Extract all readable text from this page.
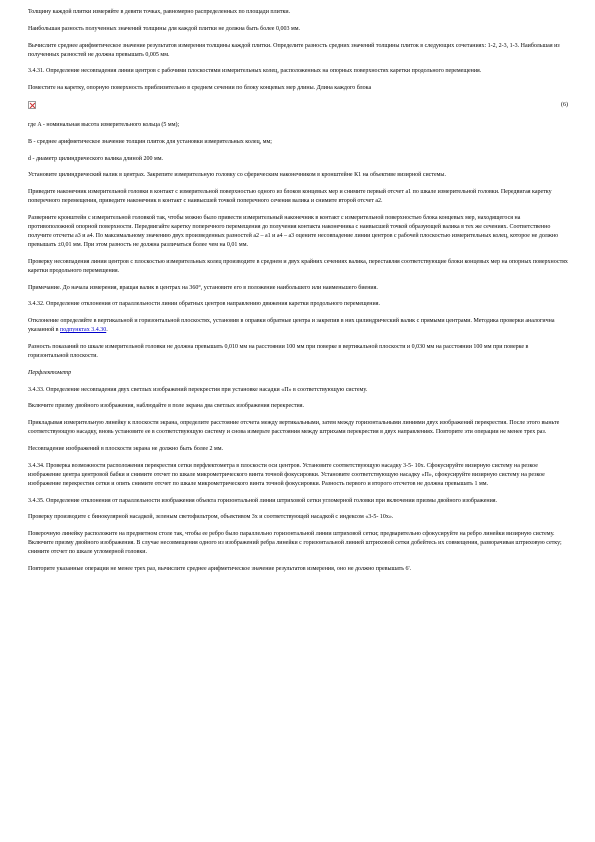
Толщину каждой плитки измеряйте в девяти точках, равномерно распределенных по площади плитки.

Наибольшая разность полученных значений толщины для каждой плитки не должна быть более 0,003 мм.

Вычислите среднее арифметическое значение результатов измерения толщины каждой плитки. Определите разность средних значений толщины плиток в следующих сочетаниях: 1-2, 2-3, 1-3. Наибольшая из полученных разностей не должна превышать 0,005 мм.

3.4.31. Определение несовпадения линии центров с рабочими плоскостями измерительных колец, расположенных на опорных поверхностях каретки продольного перемещения.

Поместите на каретку, опорную поверхность приблизительно в среднем сечении по блоку концевых мер длины. Длина каждого блока

(6)

где A - номинальная высота измерительного кольца (5 мм);

B - среднее арифметическое значение толщин плиток для установки измерительных колец, мм;

d - диаметр цилиндрического валика длиной 200 мм.

Установите цилиндрический валик в центрах. Закрепите измерительную головку со сферическим наконечником в кронштейне К1 на объективе визирной системы.

Приведите наконечник измерительной головки в контакт с измерительной поверхностью одного из блоков концевых мер и снимите первый отсчет a1 по шкале измерительной головки. Передвигая каретку поперечного перемещения, приведите наконечник в контакт с наивысшей точкой поперечного сечения валика и снимите второй отсчет a2.

Разверните кронштейн с измерительной головкой так, чтобы можно было привести измерительный наконечник в контакт с измерительной поверхностью блока концевых мер, находящегося на противоположной опорной поверхности. Передвигайте каретку поперечного перемещения до получения контакта наконечника с наивысшей точкой образующей валика в тех же сечениях. Соответственно получите отсчеты a3 и a4. По максимальному значению двух произведенных разностей a2 – a1 и a4 – a3 оцените несовпадение линии центров с рабочей плоскостью измерительных колец, которое не должно превышать ±0,01 мм. При этом разность не должна различаться более чем на 0,01 мм.

Проверку несовпадения линии центров с плоскостью измерительных колец производите в среднем и двух крайних сечениях валика, переставляя соответствующие блоки концевых мер на опорных поверхностях каретки продольного перемещения.

Примечание. До начала измерения, вращая валик в центрах на 360°, установите его в положение наибольшего или наименьшего биения.

3.4.32. Определение отклонения от параллельности линии обратных центров направлению движения каретки продольного перемещения.

Отклонение определяйте в вертикальной и горизонтальной плоскостях, установив в оправки обратные центра и закрепив в них цилиндрический валик с прямыми центрами. Методика проверки аналогична указанной в подпунктах 3.4.30.

Разность показаний по шкале измерительной головки не должна превышать 0,010 мм на расстоянии 100 мм при поверке в вертикальной плоскости и 0,030 мм на расстоянии 100 мм при поверке в горизонтальной плоскости.

Перфлектометр

3.4.33. Определение несовпадения двух светлых изображений перекрестия при установке насадки «П» в соответствующую систему.

Включите призму двойного изображения, наблюдайте в поле экрана два светлых изображения перекрестия.

Прикладывая измерительную линейку к плоскости экрана, определите расстояние отсчета между вертикальными, затем между горизонтальными линиями двух изображений перекрестия. После этого выньте соответствующую насадку, вновь установите ее в соответствующую систему и снова измерьте расстояния между штрихами перекрестия в двух направлениях. Повторите эти операции не менее трех раз.

Несовпадение изображений в плоскости экрана не должно быть более 2 мм.

3.4.34. Проверка возможности расположения перекрестия сетки перфлектометра в плоскости оси центров. Установите соответствующую насадку 3-5- 10х. Сфокусируйте визирную систему на резкое изображение центра центровой бабки и снимите отсчет по шкале микрометрического винта точной фокусировки. Установите соответствующую насадку «П», сфокусируйте визирную систему на резкое изображение перекрестия сетки и опять снимите отсчет по шкале микрометрического винта точной фокусировки. Разность первого и второго отсчетов не должна превышать 1 мм.

3.4.35. Определение отклонения от параллельности изображения объекта горизонтальной линии штриховой сетки угломерной головки при включении призмы двойного изображения.

Проверку производите с бинокулярной насадкой, зеленым светофильтром, объективом 3х и соответствующей насадкой с индексом «3-5- 10х».

Поверочную линейку расположите на предметном столе так, чтобы ее ребро было параллельно горизонтальной линии штриховой сетки; предварительно сфокусируйте на ребро линейки визирную систему. Включите призму двойного изображения. В случае несовмещения одного из изображений ребра линейки с горизонтальной линией штриховой сетки добейтесь их совмещения, разворачивая штриховую сетку; снимите отсчет по шкале угломерной головки.

Повторите указанные операции не менее трех раз, вычислите среднее арифметическое значение результатов измерения, оно не должно превышать 6'.
